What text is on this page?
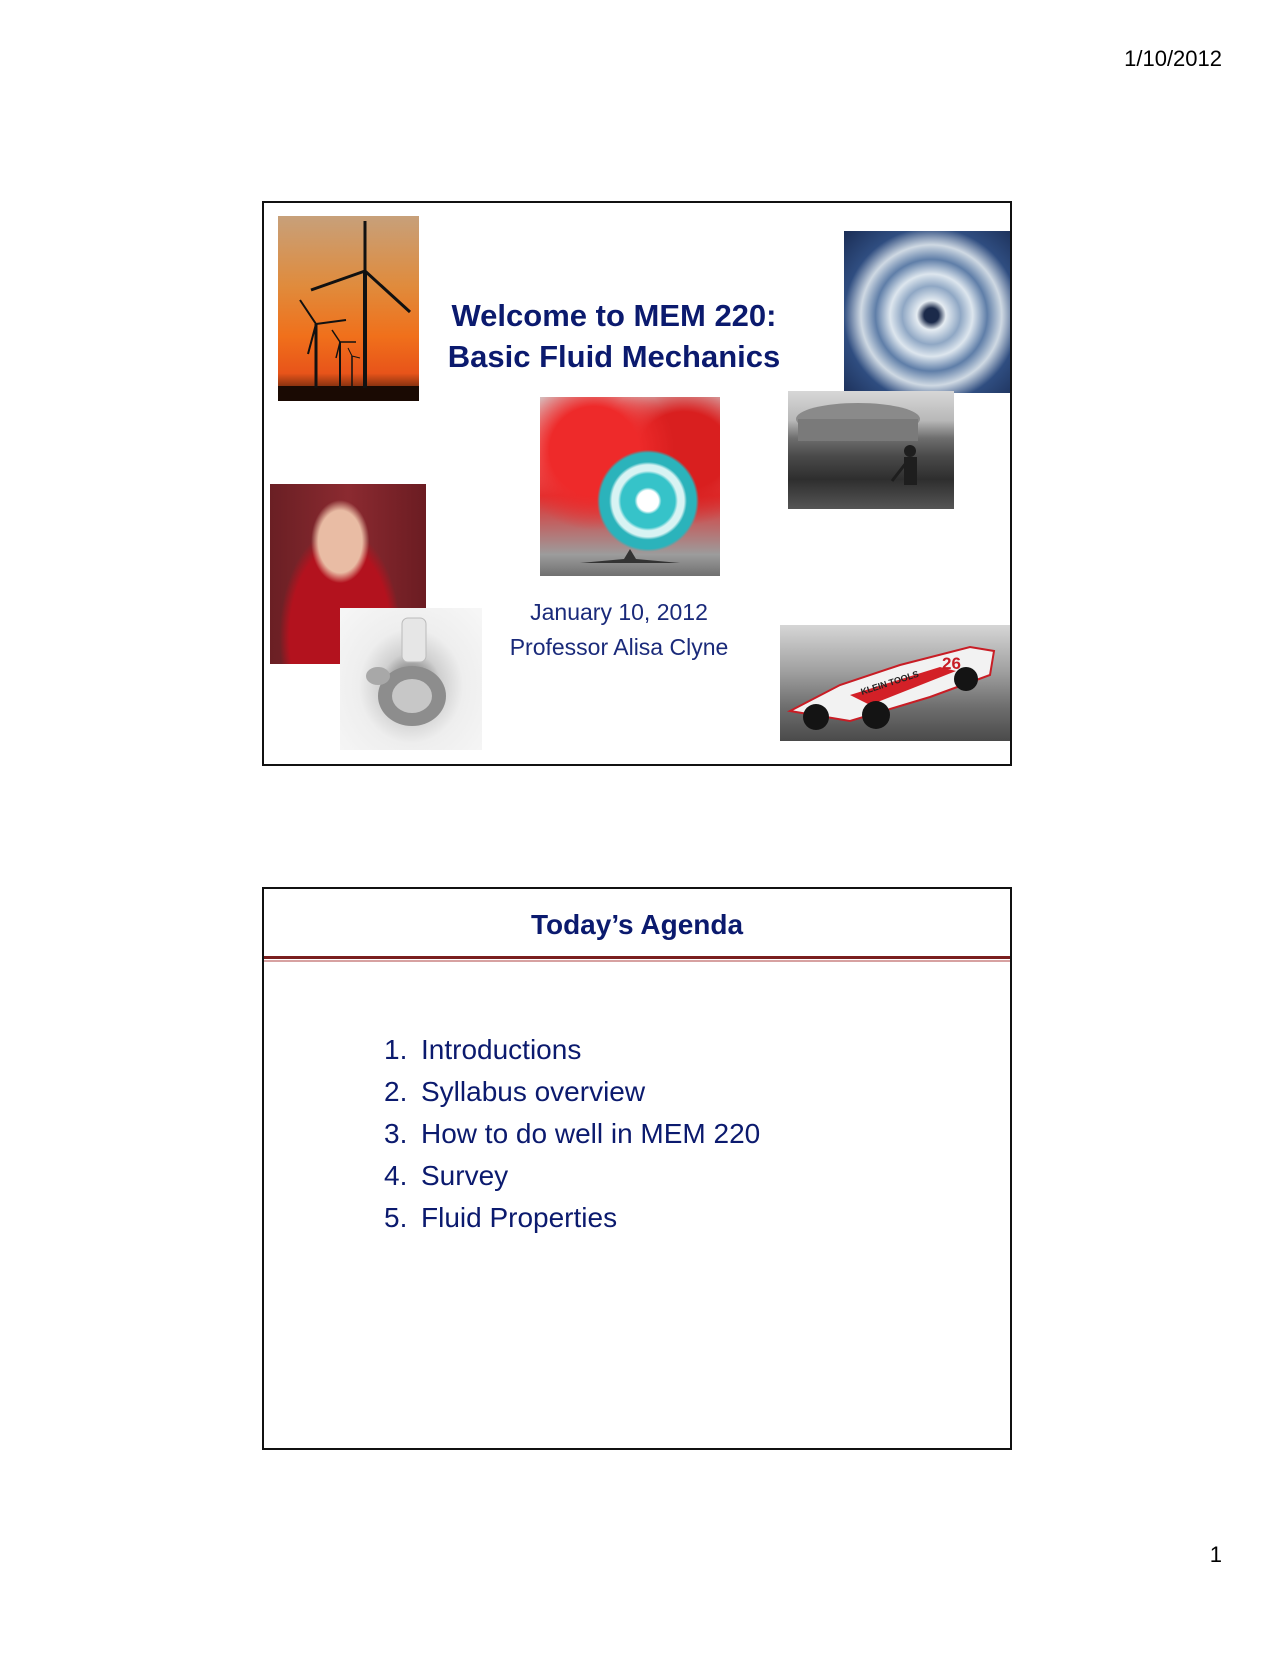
1/10/2012
Welcome to MEM 220:
Basic Fluid Mechanics
January 10, 2012
Professor Alisa Clyne
26
KLEIN TOOLS
Today’s Agenda
1. Introductions
2. Syllabus overview
3. How to do well in MEM 220
4. Survey
5. Fluid Properties
1
